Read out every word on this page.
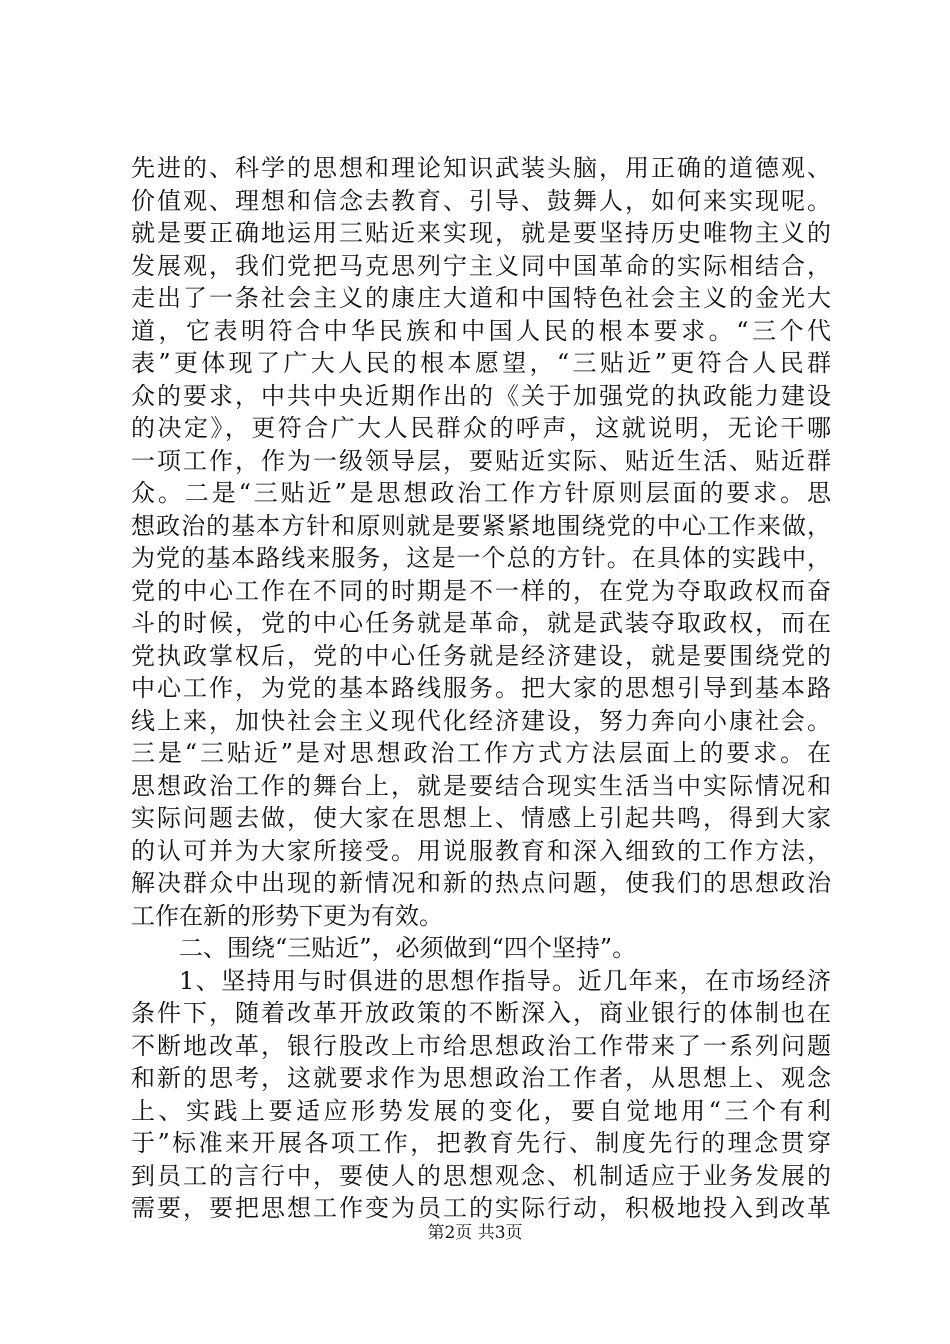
先进的、科学的思想和理论知识武装头脑，用正确的道德观、
价值观、理想和信念去教育、引导、鼓舞人，如何来实现呢。
就是要正确地运用三贴近来实现，就是要坚持历史唯物主义的
发展观，我们党把马克思列宁主义同中国革命的实际相结合，
走出了一条社会主义的康庄大道和中国特色社会主义的金光大
道，它表明符合中华民族和中国人民的根本要求。“三个代
表”更体现了广大人民的根本愿望，“三贴近”更符合人民群
众的要求，中共中央近期作出的《关于加强党的执政能力建设
的决定》，更符合广大人民群众的呼声，这就说明，无论干哪
一项工作，作为一级领导层，要贴近实际、贴近生活、贴近群
众。二是“三贴近”是思想政治工作方针原则层面的要求。思
想政治的基本方针和原则就是要紧紧地围绕党的中心工作来做，
为党的基本路线来服务，这是一个总的方针。在具体的实践中，
党的中心工作在不同的时期是不一样的，在党为夺取政权而奋
斗的时候，党的中心任务就是革命，就是武装夺取政权，而在
党执政掌权后，党的中心任务就是经济建设，就是要围绕党的
中心工作，为党的基本路线服务。把大家的思想引导到基本路
线上来，加快社会主义现代化经济建设，努力奔向小康社会。
三是“三贴近”是对思想政治工作方式方法层面上的要求。在
思想政治工作的舞台上，就是要结合现实生活当中实际情况和
实际问题去做，使大家在思想上、情感上引起共鸣，得到大家
的认可并为大家所接受。用说服教育和深入细致的工作方法，
解决群众中出现的新情况和新的热点问题，使我们的思想政治
工作在新的形势下更为有效。
二、围绕“三贴近”，必须做到“四个坚持”。
1、坚持用与时俱进的思想作指导。近几年来，在市场经济
条件下，随着改革开放政策的不断深入，商业银行的体制也在
不断地改革，银行股改上市给思想政治工作带来了一系列问题
和新的思考，这就要求作为思想政治工作者，从思想上、观念
上、实践上要适应形势发展的变化，要自觉地用“三个有利
于”标准来开展各项工作，把教育先行、制度先行的理念贯穿
到员工的言行中，要使人的思想观念、机制适应于业务发展的
需要，要把思想工作变为员工的实际行动，积极地投入到改革
第2页 共3页
